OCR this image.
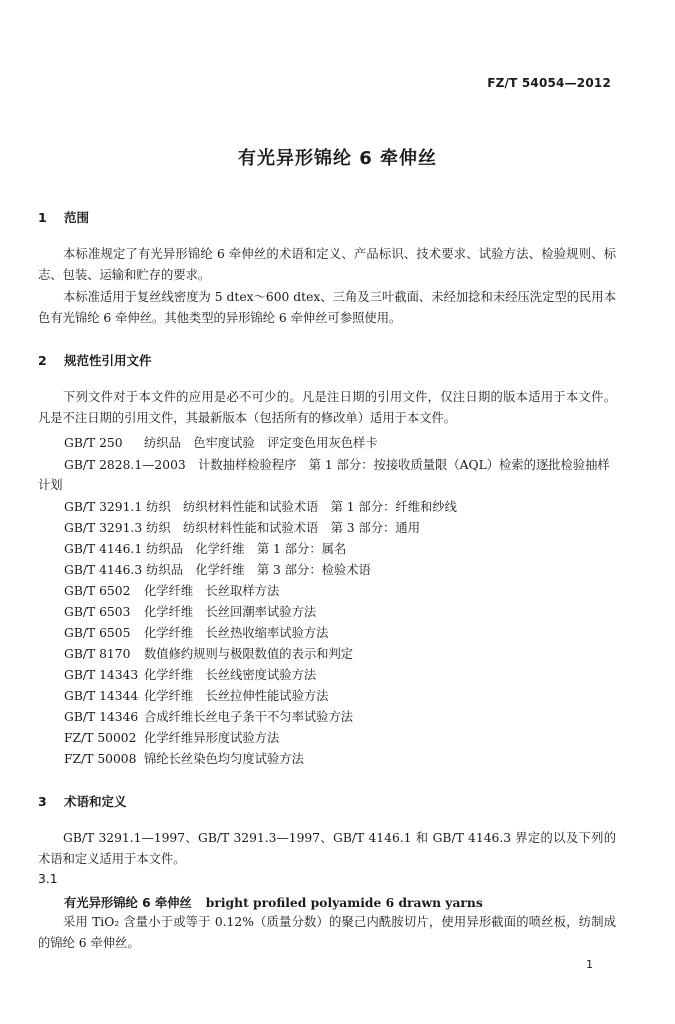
FZ/T 54054—2012
有光异形锦纶 6 牵伸丝
1 范围

本标准规定了有光异形锦纶 6 牵伸丝的术语和定义、产品标识、技术要求、试验方法、检验规则、标志、包装、运输和贮存的要求。

本标准适用于复丝线密度为 5 dtex～600 dtex、三角及三叶截面、未经加捻和未经压洗定型的民用本色有光锦纶 6 牵伸丝。其他类型的异形锦纶 6 牵伸丝可参照使用。

2 规范性引用文件

下列文件对于本文件的应用是必不可少的。凡是注日期的引用文件，仅注日期的版本适用于本文件。凡是不注日期的引用文件，其最新版本（包括所有的修改单）适用于本文件。

GB/T 250 纺织品　色牢度试验　评定变色用灰色样卡

GB/T 2828.1—2003　 计数抽样检验程序　第 1 部分：按接收质量限（AQL）检索的逐批检验抽样计划

GB/T 3291.1 纺织　纺织材料性能和试验术语　第 1 部分：纤维和纱线
GB/T 3291.3 纺织　纺织材料性能和试验术语　第 3 部分：通用
GB/T 4146.1 纺织品　化学纤维　第 1 部分：属名
GB/T 4146.3 纺织品　化学纤维　第 3 部分：检验术语
GB/T 6502 化学纤维　长丝取样方法
GB/T 6503 化学纤维　长丝回潮率试验方法
GB/T 6505 化学纤维　长丝热收缩率试验方法
GB/T 8170 数值修约规则与极限数值的表示和判定
GB/T 14343 化学纤维　长丝线密度试验方法
GB/T 14344 化学纤维　长丝拉伸性能试验方法
GB/T 14346 合成纤维长丝电子条干不匀率试验方法
FZ/T 50002 化学纤维异形度试验方法
FZ/T 50008 锦纶长丝染色均匀度试验方法
3 术语和定义

GB/T 3291.1—1997、GB/T 3291.3—1997、GB/T 4146.1 和 GB/T 4146.3 界定的以及下列的术语和定义适用于本文件。

3.1
有光异形锦纶 6 牵伸丝 bright profiled polyamide 6 drawn yarns

采用 TiO₂ 含量小于或等于 0.12%（质量分数）的聚己内酰胺切片，使用异形截面的喷丝板，纺制成的锦纶 6 牵伸丝。

1
